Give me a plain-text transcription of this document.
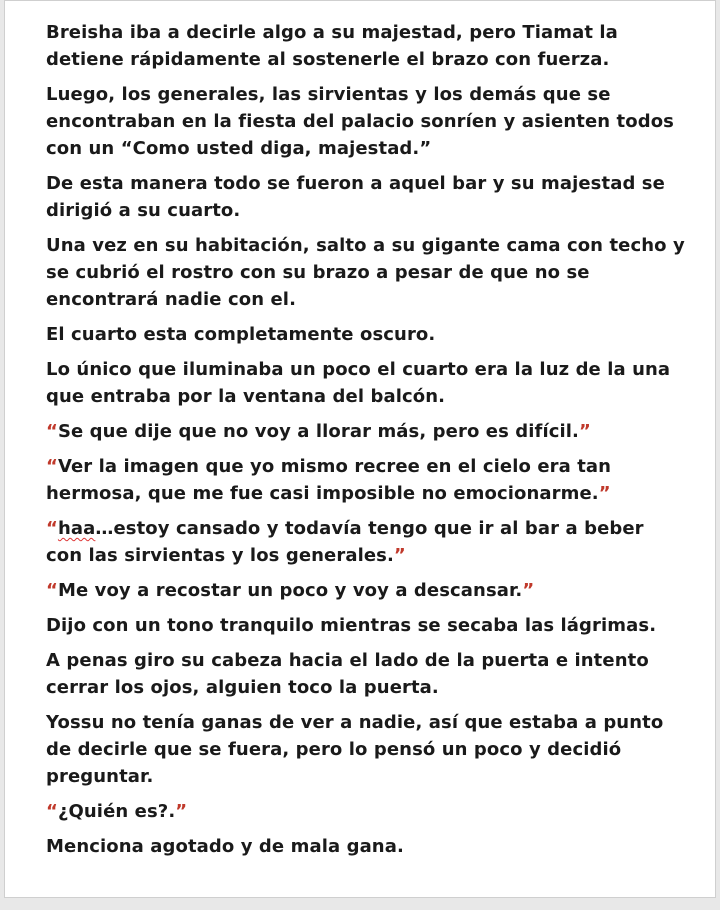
Breisha iba a decirle algo a su majestad, pero Tiamat la detiene rápidamente al sostenerle el brazo con fuerza.

Luego, los generales, las sirvientas y los demás que se encontraban en la fiesta del palacio sonríen y asienten todos con un “Como usted diga, majestad.”

De esta manera todo se fueron a aquel bar y su majestad se dirigió a su cuarto.

Una vez en su habitación, salto a su gigante cama con techo y se cubrió el rostro con su brazo a pesar de que no se encontrará nadie con el.

El cuarto esta completamente oscuro.

Lo único que iluminaba un poco el cuarto era la luz de la una que entraba por la ventana del balcón.

“Se que dije que no voy a llorar más, pero es difícil.”

“Ver la imagen que yo mismo recree en el cielo era tan hermosa, que me fue casi imposible no emocionarme.”

“haa…estoy cansado y todavía tengo que ir al bar a beber con las sirvientas y los generales.”

“Me voy a recostar un poco y voy a descansar.”

Dijo con un tono tranquilo mientras se secaba las lágrimas.

A penas giro su cabeza hacia el lado de la puerta e intento cerrar los ojos, alguien toco la puerta.

Yossu no tenía ganas de ver a nadie, así que estaba a punto de decirle que se fuera, pero lo pensó un poco y decidió preguntar.

“¿Quién es?.”

Menciona agotado y de mala gana.
